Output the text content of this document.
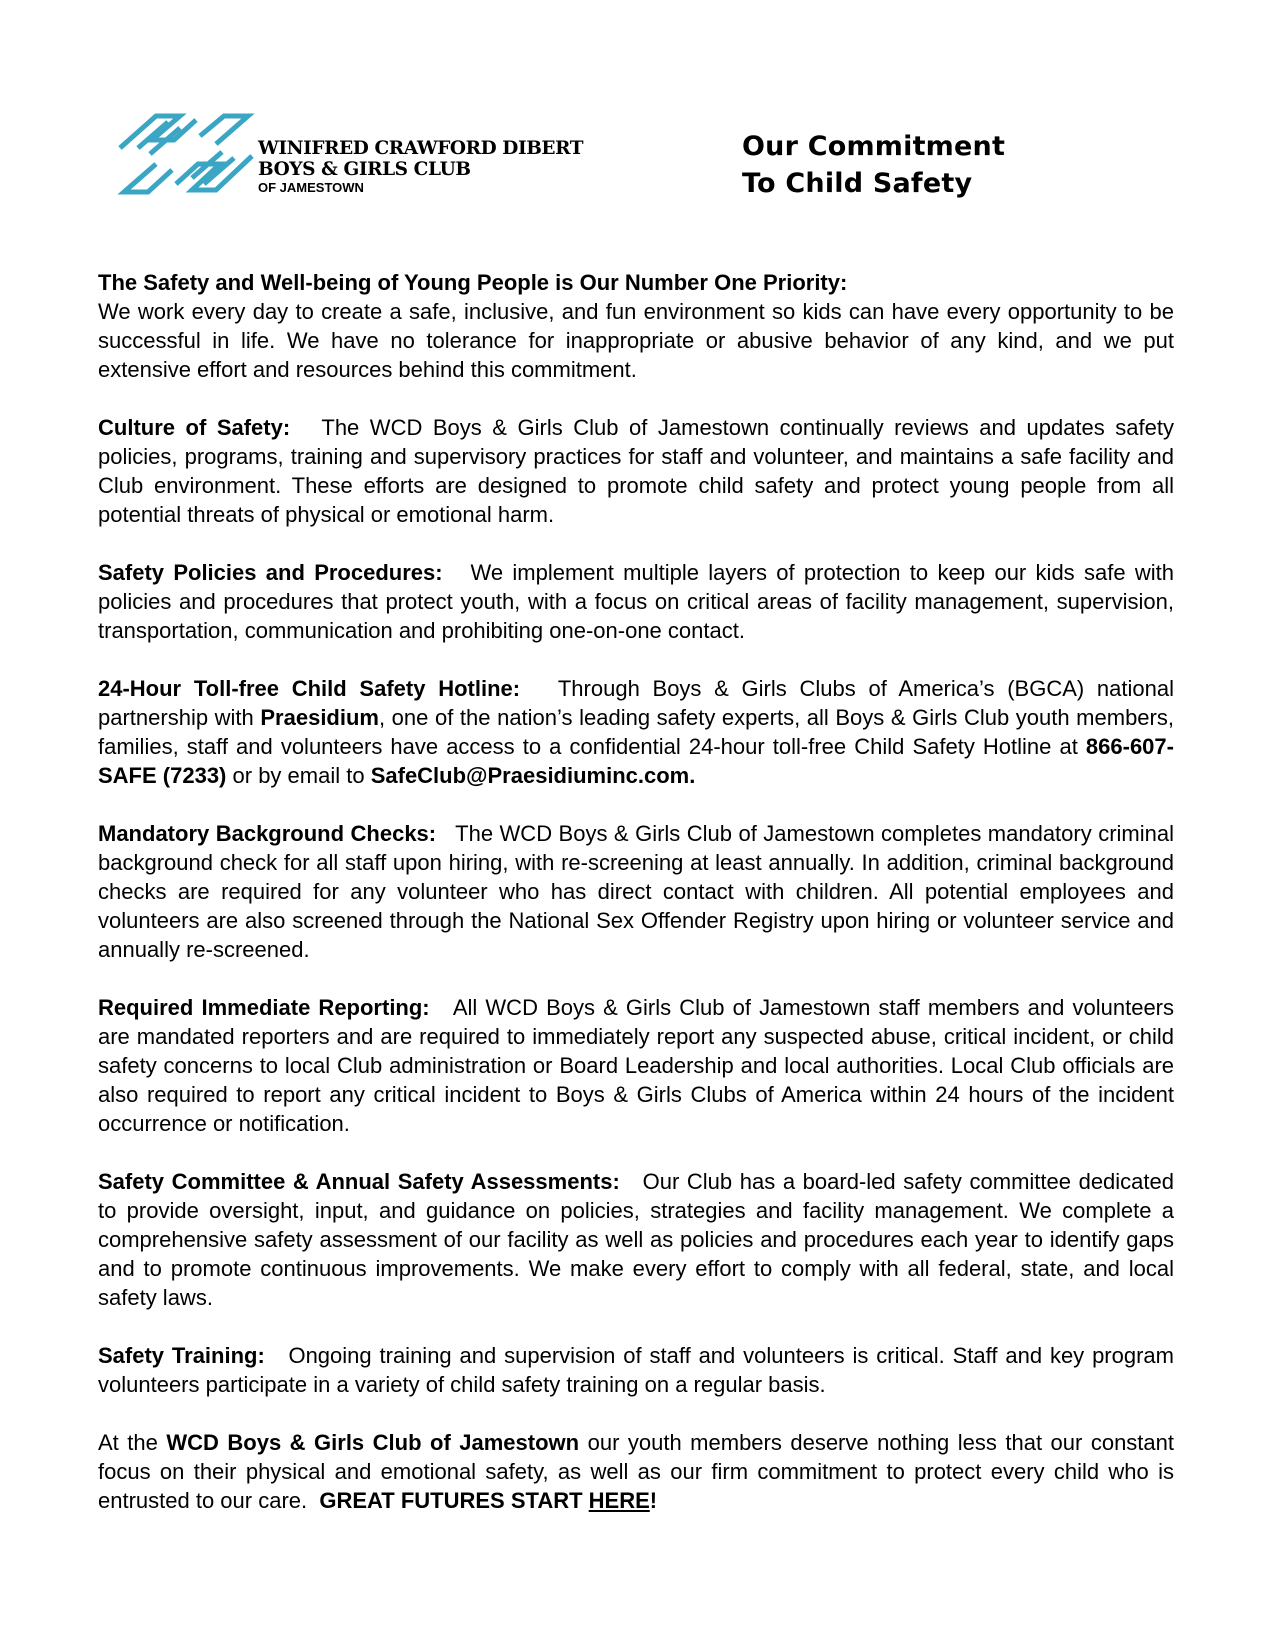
WINIFRED CRAWFORD DIBERT
BOYS & GIRLS CLUB
OF JAMESTOWN
Our Commitment
To Child Safety
The Safety and Well-being of Young People is Our Number One Priority:
We work every day to create a safe, inclusive, and fun environment so kids can have every opportunity to be successful in life. We have no tolerance for inappropriate or abusive behavior of any kind, and we put extensive effort and resources behind this commitment.
Culture of Safety: The WCD Boys & Girls Club of Jamestown continually reviews and updates safety policies, programs, training and supervisory practices for staff and volunteer, and maintains a safe facility and Club environment. These efforts are designed to promote child safety and protect young people from all potential threats of physical or emotional harm.
Safety Policies and Procedures: We implement multiple layers of protection to keep our kids safe with policies and procedures that protect youth, with a focus on critical areas of facility management, supervision, transportation, communication and prohibiting one-on-one contact.
24-Hour Toll-free Child Safety Hotline: Through Boys & Girls Clubs of America’s (BGCA) national partnership with Praesidium, one of the nation’s leading safety experts, all Boys & Girls Club youth members, families, staff and volunteers have access to a confidential 24-hour toll-free Child Safety Hotline at 866-607-SAFE (7233) or by email to SafeClub@Praesidiuminc.com.
Mandatory Background Checks: The WCD Boys & Girls Club of Jamestown completes mandatory criminal background check for all staff upon hiring, with re-screening at least annually. In addition, criminal background checks are required for any volunteer who has direct contact with children. All potential employees and volunteers are also screened through the National Sex Offender Registry upon hiring or volunteer service and annually re-screened.
Required Immediate Reporting: All WCD Boys & Girls Club of Jamestown staff members and volunteers are mandated reporters and are required to immediately report any suspected abuse, critical incident, or child safety concerns to local Club administration or Board Leadership and local authorities. Local Club officials are also required to report any critical incident to Boys & Girls Clubs of America within 24 hours of the incident occurrence or notification.
Safety Committee & Annual Safety Assessments: Our Club has a board-led safety committee dedicated to provide oversight, input, and guidance on policies, strategies and facility management. We complete a comprehensive safety assessment of our facility as well as policies and procedures each year to identify gaps and to promote continuous improvements. We make every effort to comply with all federal, state, and local safety laws.
Safety Training: Ongoing training and supervision of staff and volunteers is critical. Staff and key program volunteers participate in a variety of child safety training on a regular basis.
At the WCD Boys & Girls Club of Jamestown our youth members deserve nothing less that our constant focus on their physical and emotional safety, as well as our firm commitment to protect every child who is entrusted to our care. GREAT FUTURES START HERE!
